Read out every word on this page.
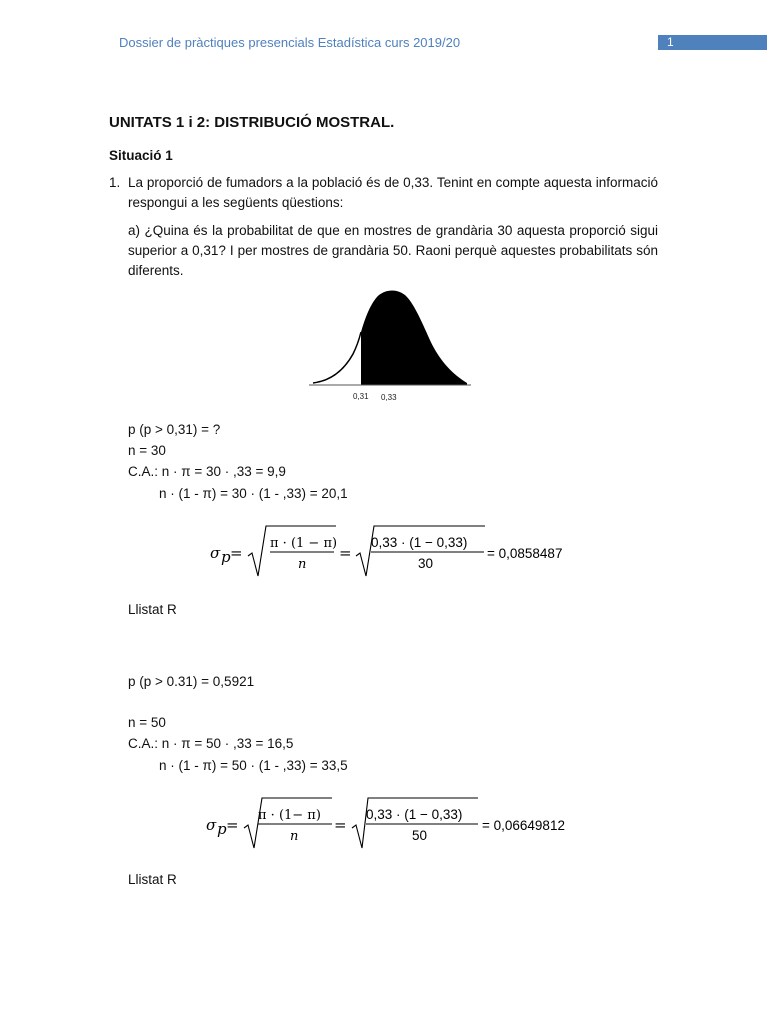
Dossier de pràctiques presencials Estadística curs 2019/20	1
UNITATS 1 i 2: DISTRIBUCIÓ MOSTRAL.
Situació 1
1. La proporció de fumadors a la població és de 0,33. Tenint en compte aquesta informació respongui a les següents qüestions:

a) ¿Quina és la probabilitat de que en mostres de grandària 30 aquesta proporció sigui superior a 0,31? I per mostres de grandària 50. Raoni perquè aquestes probabilitats són diferents.

0,31 0,33
p (p > 0,31) = ?
n = 30
C.A.: n · π = 30 · ,33 = 9,9
n · (1 - π) = 30 · (1 - ,33) = 20,1
σ p =
π · (1 − π)
n
=
0,33 · (1 − 0,33)
30
= 0,0858487
Llistat R
p (p > 0.31) = 0,5921
n = 50
C.A.: n · π = 50 · ,33 = 16,5
n · (1 - π) = 50 · (1 - ,33) = 33,5
σ p =
π · (1− π)
n
=
0,33 · (1 − 0,33)
50
= 0,06649812
Llistat R
